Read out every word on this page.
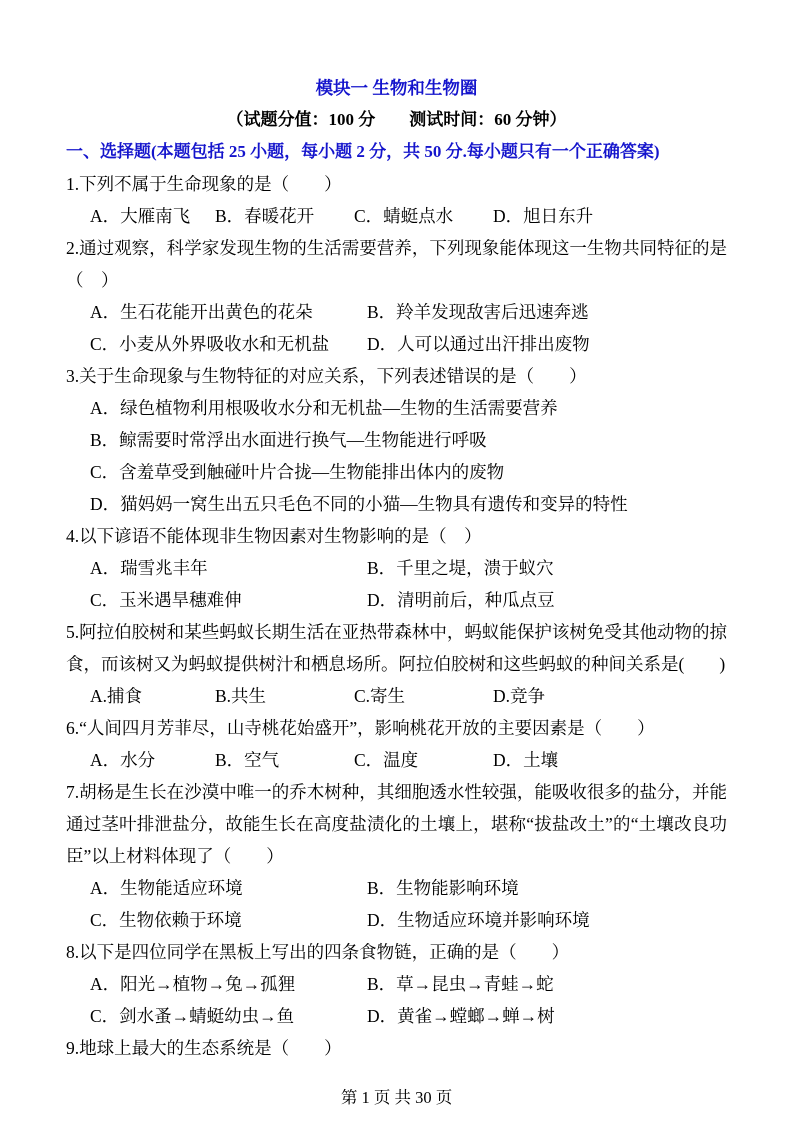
模块一 生物和生物圈
（试题分值：100 分　　测试时间：60 分钟）
一、选择题(本题包括 25 小题，每小题 2 分，共 50 分.每小题只有一个正确答案)
1.下列不属于生命现象的是（　　）
A．大雁南飞	B．春暖花开	C．蜻蜓点水	D．旭日东升
2.通过观察，科学家发现生物的生活需要营养，下列现象能体现这一生物共同特征的是（　）
A．生石花能开出黄色的花朵	B．羚羊发现敌害后迅速奔逃
C．小麦从外界吸收水和无机盐	D．人可以通过出汗排出废物
3.关于生命现象与生物特征的对应关系，下列表述错误的是（　　）
A．绿色植物利用根吸收水分和无机盐—生物的生活需要营养
B．鲸需要时常浮出水面进行换气—生物能进行呼吸
C．含羞草受到触碰叶片合拢—生物能排出体内的废物
D．猫妈妈一窝生出五只毛色不同的小猫—生物具有遗传和变异的特性
4.以下谚语不能体现非生物因素对生物影响的是（　）
A．瑞雪兆丰年	B．千里之堤，溃于蚁穴
C．玉米遇旱穗难伸	D．清明前后，种瓜点豆
5.阿拉伯胶树和某些蚂蚁长期生活在亚热带森林中，蚂蚁能保护该树免受其他动物的掠食，而该树又为蚂蚁提供树汁和栖息场所。阿拉伯胶树和这些蚂蚁的种间关系是(　　)
A.捕食	B.共生	C.寄生	D.竞争
6.“人间四月芳菲尽，山寺桃花始盛开”，影响桃花开放的主要因素是（　　）
A．水分	B．空气	C．温度	D．土壤
7.胡杨是生长在沙漠中唯一的乔木树种，其细胞透水性较强，能吸收很多的盐分，并能通过茎叶排泄盐分，故能生长在高度盐渍化的土壤上，堪称“拔盐改土”的“土壤改良功臣”以上材料体现了（　　）
A．生物能适应环境	B．生物能影响环境
C．生物依赖于环境	D．生物适应环境并影响环境
8.以下是四位同学在黑板上写出的四条食物链，正确的是（　　）
A．阳光→植物→兔→孤狸	B．草→昆虫→青蛙→蛇
C．剑水蚤→蜻蜓幼虫→鱼	D．黄雀→螳螂→蝉→树
9.地球上最大的生态系统是（　　）
第 1 页 共 30 页
